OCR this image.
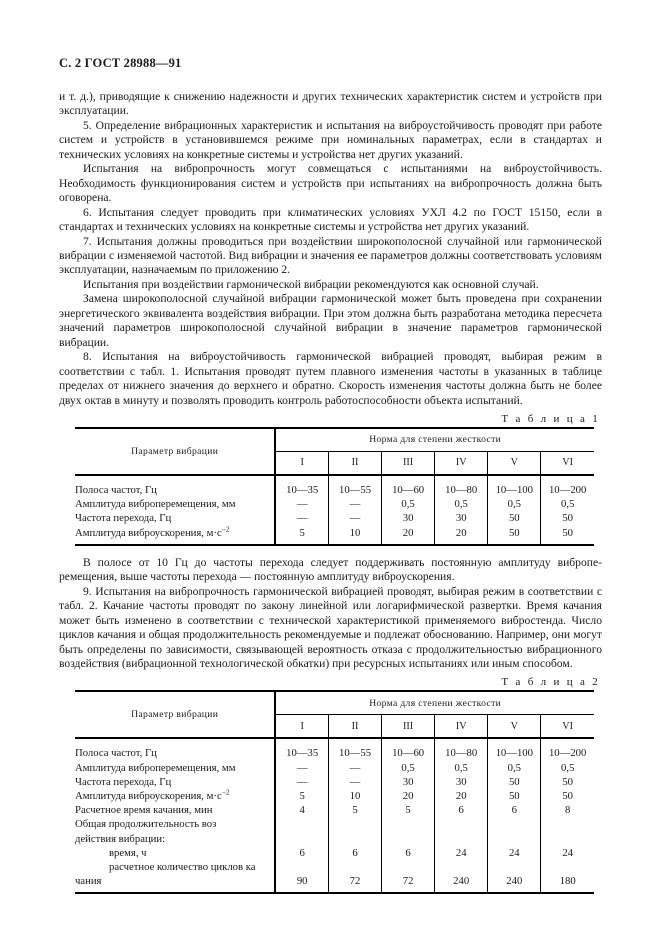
С. 2 ГОСТ 28988—91

и т. д.), приводящие к снижению надежности и других технических характеристик систем и устройств при эксплуатации.

5. Определение вибрационных характеристик и испытания на виброустойчивость проводят при работе систем и устройств в установившемся режиме при номинальных параметрах, если в стандартах и технических условиях на конкретные системы и устройства нет других указаний.

Испытания на вибропрочность могут совмещаться с испытаниями на виброустойчивость. Необходимость функционирования систем и устройств при испытаниях на вибропрочность должна быть оговорена.

6. Испытания следует проводить при климатических условиях УХЛ 4.2 по ГОСТ 15150, если в стандартах и технических условиях на конкретные системы и устройства нет других указаний.

7. Испытания должны проводиться при воздействии широкополосной случайной или гармонической вибрации с изменяемой частотой. Вид вибрации и значения ее параметров должны соответствовать условиям эксплуатации, назначаемым по приложению 2.

Испытания при воздействии гармонической вибрации рекомендуются как основной случай.

Замена широкополосной случайной вибрации гармонической может быть проведена при сохранении энергетического эквивалента воздействия вибрации. При этом должна быть разработана методика пересчета значений параметров широкополосной случайной вибрации в значение параметров гармонической вибрации.

8. Испытания на виброустойчивость гармонической вибрацией проводят, выбирая режим в соответствии с табл. 1. Испытания проводят путем плавного изменения частоты в указанных в таблице пределах от нижнего значения до верхнего и обратно. Скорость изменения частоты должна быть не более двух октав в минуту и позволять проводить контроль работоспособности объекта испытаний.

Т а б л и ц а 1
Параметр вибрации	Норма для степени жесткости					
	I	II	III	IV	V	VI

Полоса частот, Гц	10—35	10—55	10—60	10—80	10—100	10—200
Амплитуда виброперемещения, мм	—	—	0,5	0,5	0,5	0,5
Частота перехода, Гц	—	—	30	30	50	50
Амплитуда виброускорения, $м\cdot с^{-2}$	5	10	20	20	50	50

В полосе от 10 Гц до частоты перехода следует поддерживать постоянную амплитуду виброперемещения, выше частоты перехода — постоянную амплитуду виброускорения.

9. Испытания на вибропрочность гармонической вибрацией проводят, выбирая режим в соответствии с табл. 2. Качание частоты проводят по закону линейной или логарифмической развертки. Время качания может быть изменено в соответствии с технической характеристикой применяемого вибростенда. Число циклов качания и общая продолжительность рекомендуемые и подлежат обоснованию. Например, они могут быть определены по зависимости, связывающей вероятность отказа с продолжительностью вибрационного воздействия (вибрационной технологической обкатки) при ресурсных испытаниях или иным способом.

Т а б л и ц а 2
Параметр вибрации	Норма для степени жесткости					
	I	II	III	IV	V	VI

Полоса частот, Гц	10—35	10—55	10—60	10—80	10—100	10—200
Амплитуда виброперемещения, мм	—	—	0,5	0,5	0,5	0,5
Частота перехода, Гц	—	—	30	30	50	50
Амплитуда виброускорения, $м\cdot с^{-2}$	5	10	20	20	50	50
Расчетное время качания, мин	4	5	5	6	6	8
Общая продолжительность воз						
действия вибрации:						
время, ч	6	6	6	24	24	24
расчетное количество циклов ка						
чания	90	72	72	240	240	180
